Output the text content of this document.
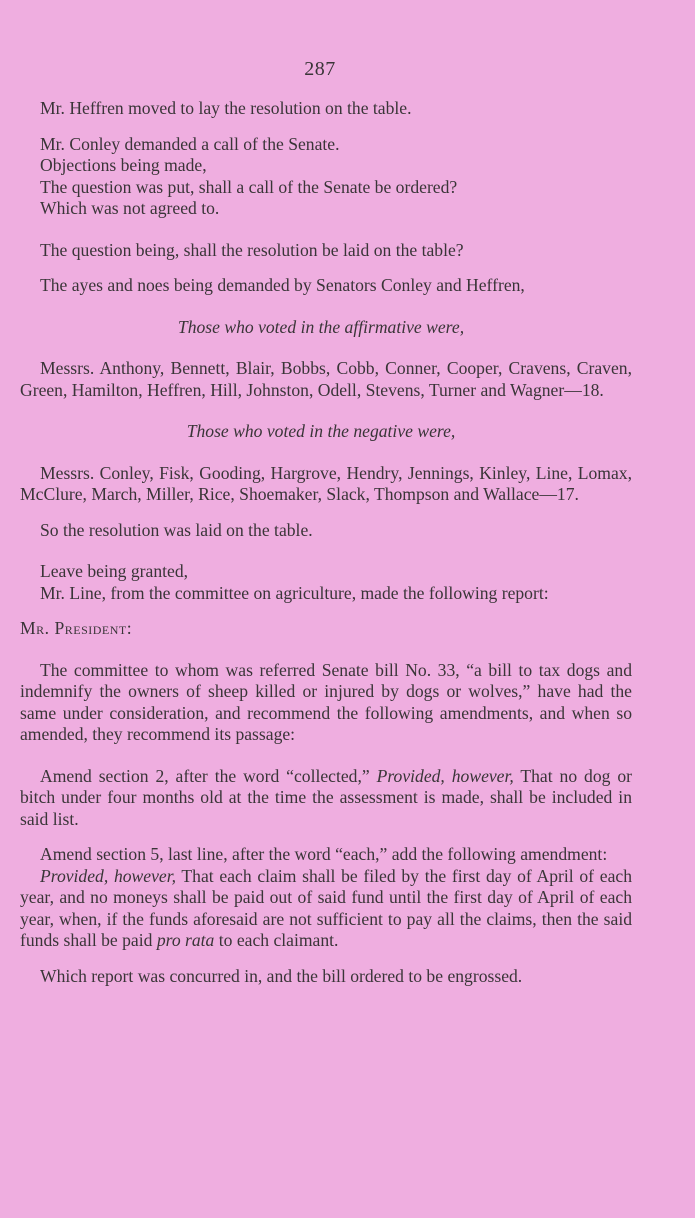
287

Mr. Heffren moved to lay the resolution on the table.

Mr. Conley demanded a call of the Senate.

Objections being made,

The question was put, shall a call of the Senate be ordered?

Which was not agreed to.

The question being, shall the resolution be laid on the table?

The ayes and noes being demanded by Senators Conley and Heffren,

Those who voted in the affirmative were,

Messrs. Anthony, Bennett, Blair, Bobbs, Cobb, Conner, Cooper, Cravens, Craven, Green, Hamilton, Heffren, Hill, Johnston, Odell, Stevens, Turner and Wagner—18.

Those who voted in the negative were,

Messrs. Conley, Fisk, Gooding, Hargrove, Hendry, Jennings, Kinley, Line, Lomax, McClure, March, Miller, Rice, Shoemaker, Slack, Thompson and Wallace—17.

So the resolution was laid on the table.

Leave being granted,

Mr. Line, from the committee on agriculture, made the following report:

Mr. President:

The committee to whom was referred Senate bill No. 33, “a bill to tax dogs and indemnify the owners of sheep killed or injured by dogs or wolves,” have had the same under consideration, and recommend the following amendments, and when so amended, they recommend its passage:

Amend section 2, after the word “collected,” Provided, however, That no dog or bitch under four months old at the time the assessment is made, shall be included in said list.

Amend section 5, last line, after the word “each,” add the following amendment:

Provided, however, That each claim shall be filed by the first day of April of each year, and no moneys shall be paid out of said fund until the first day of April of each year, when, if the funds aforesaid are not sufficient to pay all the claims, then the said funds shall be paid pro rata to each claimant.

Which report was concurred in, and the bill ordered to be engrossed.
